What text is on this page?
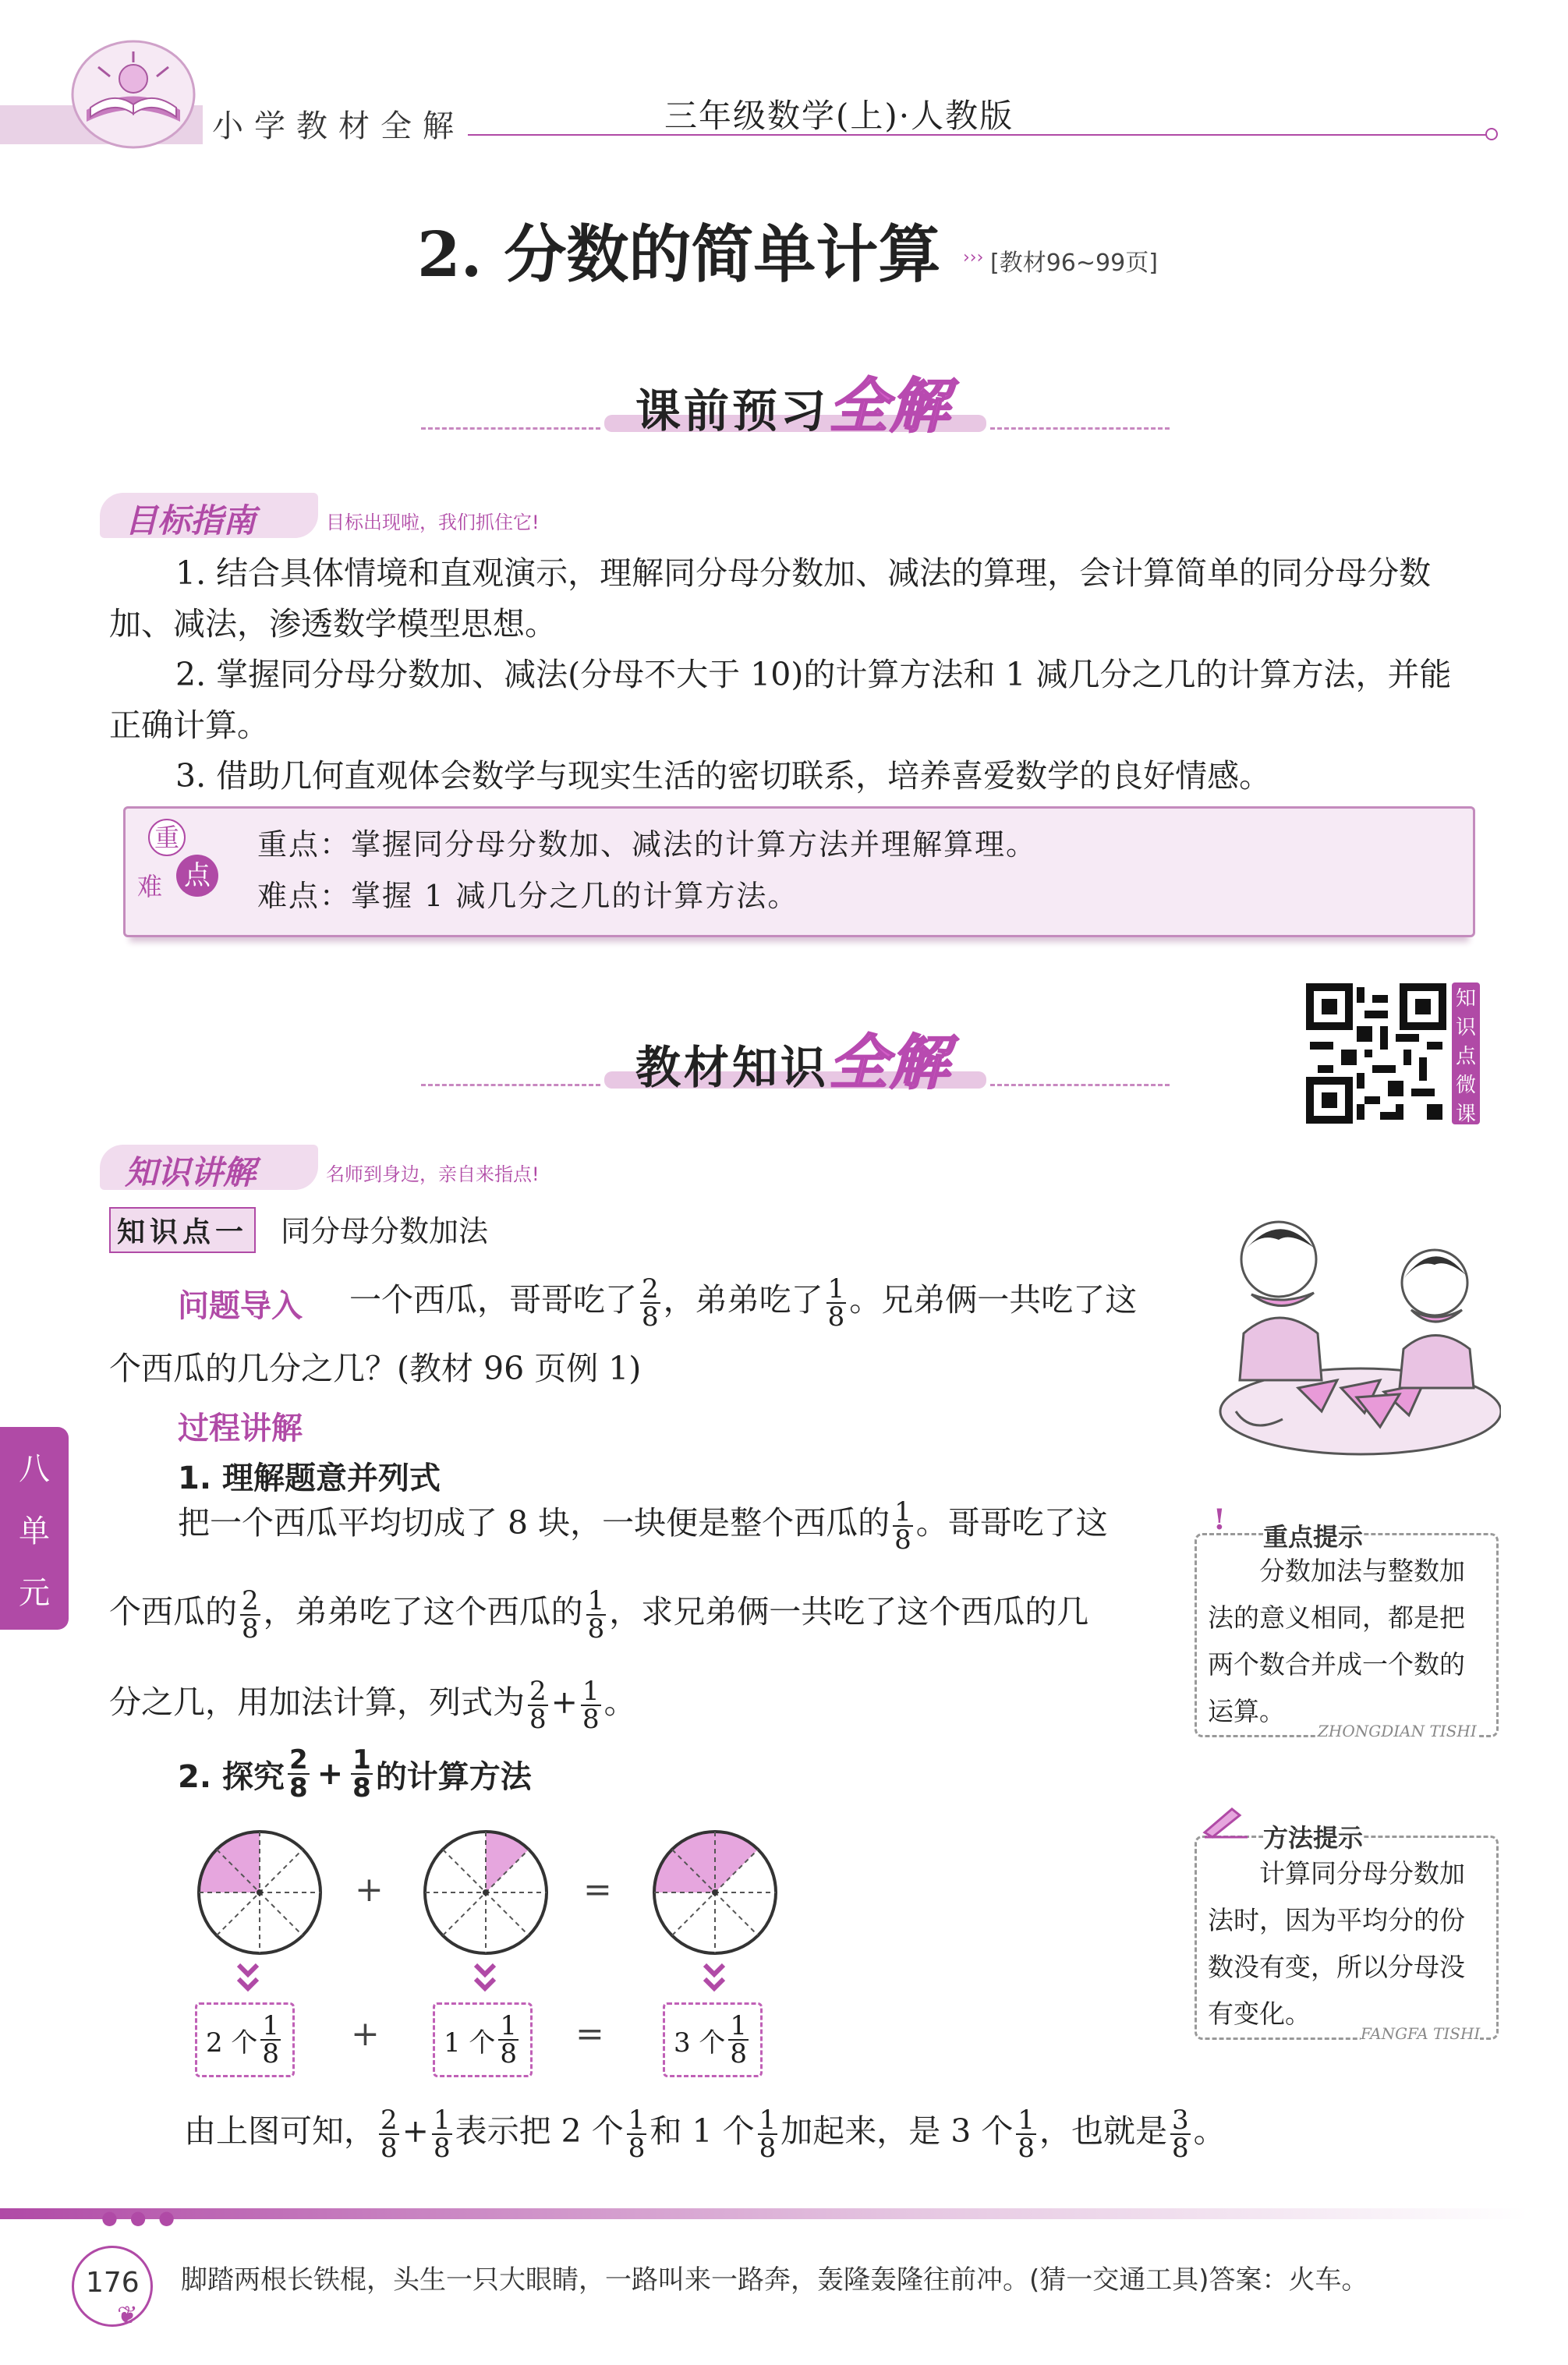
小学教材全解	三年级数学(上)·人教版
2. 分数的简单计算 ››› [教材96~99页]
课前预习全解
目标指南	目标出现啦，我们抓住它!
1. 结合具体情境和直观演示，理解同分母分数加、减法的算理，会计算简单的同分母分数
加、减法，渗透数学模型思想。
2. 掌握同分母分数加、减法(分母不大于 10)的计算方法和 1 减几分之几的计算方法，并能
正确计算。
3. 借助几何直观体会数学与现实生活的密切联系，培养喜爱数学的良好情感。
重
难 点
重点：掌握同分母分数加、减法的计算方法并理解算理。
难点：掌握 1 减几分之几的计算方法。
教材知识全解
知
识
点
微
课
知识讲解	名师到身边，亲自来指点!
知识点一 同分母分数加法
问题导入 一个西瓜，哥哥吃了 $\frac{2}{8}$ ，弟弟吃了 $\frac{1}{8}$ 。兄弟俩一共吃了这
个西瓜的几分之几？(教材 96 页例 1)
过程讲解
1. 理解题意并列式
把一个西瓜平均切成了 8 块，一块便是整个西瓜的 $\frac{1}{8}$ 。哥哥吃了这
个西瓜的 $\frac{2}{8}$ ，弟弟吃了这个西瓜的 $\frac{1}{8}$ ，求兄弟俩一共吃了这个西瓜的几
分之几，用加法计算，列式为 $\frac{2}{8} + \frac{1}{8}$ 。
2. 探究 $\frac{2}{8} + \frac{1}{8}$ 的计算方法
+	=
2 个 $\frac{1}{8} + 1$ 个 $\frac{1}{8}$ =	3 个 $\frac{1}{8}$
由上图可知， $\frac{2}{8} + \frac{1}{8}$ 表示把 2 个 $\frac{1}{8}$ 和 1 个 $\frac{1}{8}$ 加起来，是 3 个 $\frac{1}{8}$ ，也就是 $\frac{3}{8}$ 。
分数加法与整数加
法的意义相同，都是把
两个数合并成一个数的
运算。
!
重点提示
ZHONGDIAN TISHI
计算同分母分数加
法时，因为平均分的份
数没有变，所以分母没
有变化。
方法提示
FANGFA TISHI
八
单
元
● ● ●
176
❦
脚踏两根长铁棍，头生一只大眼睛，一路叫来一路奔，轰隆轰隆往前冲。(猜一交通工具)答案：火车。
